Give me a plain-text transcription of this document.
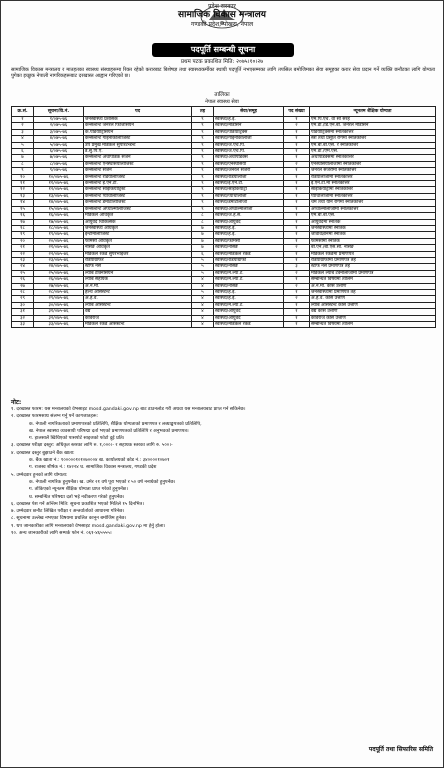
प्रदेश सरकार
सामाजिक विकास मन्त्रालय
गण्डकी प्रदेश, पोखरा, नेपाल
पदपूर्ति सम्बन्धी सूचना
प्रथम पटक प्रकाशित मिति: २०७५।१०।२७
सामाजिक विकास मन्त्रालय र मातहतका स्वास्थ्य संस्थाहरूमा रिक्त रहेको करारबाट बिशेषज्ञ तथा स्वास्थ्यकर्मीका स्थायी पदपूर्ति नभएसम्मका लागि तपसिल बमोजिमका सेवा समूहका करार सेवा प्रदान गर्ने व्यक्ति छनौटका लागि योग्यता पुगेका इच्छुक नेपाली नागरिकहरूबाट दरखास्त आह्वान गरिएको छ।
तालिका
नेपाल स्वास्थ्य सेवा
क्र.सं.	सूचना/वि.नं.	पद	तह	सेवा/समूह	पद संख्या	न्यूनतम शैक्षिक योग्यता
१	१/०७५-७६	जनस्वास्थ्य प्रशासक	९	स्वास्थ्य/हे.ई.	१	एम.पि.एच. वा सो सरह
२	२/०७५-७६	कन्सल्टेन्ट जनरल फिजिसियन	९	स्वास्थ्य/मेडिसिन	२	एम.डी./डि.एन.बी. जनरल मेडिसिन
३	३/०७५-७६	क.पेडियाट्रिसियन	९	स्वास्थ्य/पेडियाट्रिक्स	१	पेडियाट्रिक्समा स्नातकोत्तर
४	४/०७५-७६	कन्सल्टेन्ट गाइनोकोलोजिस्ट	९	स्वास्थ्य/गाइनोकोलोजी	१	स्त्री तथा प्रसूति रोगमा स्नातकोत्तर
५	५/०७५-७६	उप प्रमुख मेडिकल सुपरिटेन्डेन्ट	९	स्वास्थ्य/जे.एच.पि.	१	एम.बी.बी.एस. र स्नातकोत्तर
६	६/०७५-७६	ड.सु.पि.ए.	९	स्वास्थ्य/जे.एच.पि.	१	एम.डी./एम.एस.
७	७/०७५-७६	कन्सल्टेन्ट अर्थोपेडिक सर्जन	९	स्वास्थ्य/अर्थोपेडिक्स	१	अर्थोपेडिक्समा स्नातकोत्तर
८	८/०७५-७६	कन्सल्टेन्ट एनेस्थेसियोलोजिस्ट	९	स्वास्थ्य/एनेस्थेसिया	२	एनेस्थेसियोलोजीमा स्नातकोत्तर
९	९/०७५-७६	कन्सल्टेन्ट सर्जन	९	स्वास्थ्य/जनरल सर्जरी	१	जनरल सर्जरीमा स्नातकोत्तर
१०	१०/०७५-७६	कन्सल्टेन्ट रेडियोलोजिस्ट	९	स्वास्थ्य/रेडियोलोजी	१	रेडियोलोजीमा स्नातकोत्तर
११	११/०७५-७६	कन्सल्टेन्ट ई.एन.टी.	९	स्वास्थ्य/ई.एन.टी.	१	ई.एन.टी.मा स्नातकोत्तर
१२	१२/०७५-७६	कन्सल्टेन्ट साइकियाट्रिस्ट	९	स्वास्थ्य/साइकियाट्री	१	साइकियाट्रीमा स्नातकोत्तर
१३	१३/०७५-७६	कन्सल्टेन्ट प्याथोलोजिस्ट	९	स्वास्थ्य/प्याथोलोजी	१	प्याथोलोजीमा स्नातकोत्तर
१४	१४/०७५-७६	कन्सल्टेन्ट डर्माटोलोजिस्ट	९	स्वास्थ्य/डर्माटोलोजी	१	चर्म तथा यौन रोगमा स्नातकोत्तर
१५	१५/०७५-७६	कन्सल्टेन्ट अप्थाल्मोलोजिस्ट	९	स्वास्थ्य/अप्थाल्मोलोजी	१	अप्थाल्मोलोजीमा स्नातकोत्तर
१६	१६/०७५-७६	मेडिकल अधिकृत	८	स्वास्थ्य/जे.हे.स.	१	एम.बी.बी.एस.
१७	१७/०७५-७६	आयुर्वेद चिकित्सक	८	स्वास्थ्य/आयुर्वेद	१	आयुर्वेदमा स्नातक
१८	१८/०७५-७६	जनस्वास्थ्य अधिकृत	७	स्वास्थ्य/हे.ई.	१	जनस्वास्थ्यमा स्नातक
१९	१९/०७५-७६	इन्टोमोलोजिस्ट	७	स्वास्थ्य/हे.ई.	१	जीवविज्ञानमा स्नातक
२०	२०/०७५-७६	फार्मेसी अधिकृत	७	स्वास्थ्य/फार्मेसी	१	फार्मेसीमा स्नातक
२१	२१/०७५-७६	नर्सिङ अधिकृत	७	स्वास्थ्य/नर्सिङ	२	बी.एन./बी.एस.सी. नर्सिङ
२२	२२/०७५-७६	मेडिकल रेकर्ड सुपरभाइजर	६	स्वास्थ्य/मेडिकल रेकर्ड	१	मेडिकल रेकर्डमा प्रमाणपत्र
२३	२३/०७५-७६	रेडियोग्राफर	५	स्वास्थ्य/रेडियोग्राफी	१	रेडियोग्राफीमा प्रमाणपत्र तह
२४	२४/०७५-७६	स्टाफ नर्स	५	स्वास्थ्य/नर्सिङ	३	स्टाफ नर्स प्रमाणपत्र तह
२५	२५/०७५-७६	ल्याब टेक्निसियन	५	स्वास्थ्य/मे.ल्या.टे.	२	मेडिकल ल्याब टेक्नोलोजीमा प्रमाणपत्र
२६	२६/०७५-७६	ल्याब सहायक	४	स्वास्थ्य/मे.ल्या.टे.	१	सम्बन्धित विषयमा तालिम
२७	२७/०७५-७६	अ.न.मी.	४	स्वास्थ्य/नर्सिङ	२	अ.न.मी. कोर्स उत्तीर्ण
२८	२८/०७५-७६	हेल्थ असिस्टेन्ट	५	स्वास्थ्य/हे.ई.	१	जनस्वास्थ्यमा प्रमाणपत्र तह
२९	२९/०७५-७६	अ.हे.व.	४	स्वास्थ्य/हे.ई.	२	अ.हे.व. कोर्स उत्तीर्ण
३०	३०/०७५-७६	ल्याब असिस्टेन्ट	४	स्वास्थ्य/मे.ल्या.टे.	१	ल्याब असिस्टेन्ट कोर्स उत्तीर्ण
३१	३१/०७५-७६	वैद्य	४	स्वास्थ्य/आयुर्वेद	१	वैद्य कोर्स उत्तीर्ण
३२	३२/०७५-७६	कविराज	४	स्वास्थ्य/आयुर्वेद	१	कविराज कोर्स उत्तीर्ण
३३	३३/०७५-७६	मेडिकल रेकर्ड असिस्टेन्ट	४	स्वास्थ्य/मेडिकल रेकर्ड	१	सम्बन्धित विषयमा तालिम
नोट:
१. दरखास्त फारम: यस मन्त्रालयको वेभसाइट mosd.gandaki.gov.np बाट डाउनलोड गरी अथवा यस मन्त्रालयबाट प्राप्त गर्न सकिनेछ।
२. दरखास्त फारमसाथ संलग्न गर्नु पर्ने कागजातहरू:
क. नेपाली नागरिकताको प्रमाणपत्रको प्रतिलिपि, शैक्षिक योग्यताको प्रमाणपत्र र लब्धाङ्कपत्रको प्रतिलिपि,
ख. नेपाल स्वास्थ्य व्यवसायी परिषद्मा दर्ता भएको प्रमाणपत्रको प्रतिलिपि र अनुभवको प्रमाणपत्र।
ग. हालसालै खिचिएको पासपोर्ट साइजको फोटो दुई प्रति।
३. दरखास्त परीक्षा दस्तुर: अधिकृत स्तरका लागि रु. १,०००।- र सहायक स्तरका लागि रु. ५००।-
४. दरखास्त दस्तुर बुझाउने बैंक खाता:
क. बैंक खाता नं.: १०००००१०१०७०००४ ख. कार्यालयको कोड नं.: ३४००००१०७०१
ग. राजस्व शीर्षक नं.: १४२२४ घ. सामाजिक विकास मन्त्रालय, गण्डकी प्रदेश
५. उम्मेदवार हुनको लागि योग्यता:
क. नेपाली नागरिक हुनुपर्नेछ। ख. उमेर २१ वर्ष पूरा भएको र ५० वर्ष ननाघेको हुनुपर्नेछ।
ग. तोकिएको न्यूनतम शैक्षिक योग्यता प्राप्त गरेको हुनुपर्नेछ।
घ. सम्बन्धित परिषद्मा दर्ता भई नवीकरण गरेको हुनुपर्नेछ।
६. दरखास्त पेश गर्ने अन्तिम मिति: सूचना प्रकाशित भएको मितिले १५ दिनभित्र।
७. उम्मेदवार छनौट लिखित परीक्षा र अन्तर्वार्ताको आधारमा गरिनेछ।
८. सूचनामा उल्लेख नभएका विषयमा प्रचलित कानून बमोजिम हुनेछ।
९. थप जानकारीका लागि मन्त्रालयको वेभसाइट mosd.gandaki.gov.np मा हेर्नु होला।
१०. अन्य जानकारीको लागि सम्पर्क फोन नं. ०६१-४६५५५५।
पदपूर्ति तथा सिफारिस समिति
